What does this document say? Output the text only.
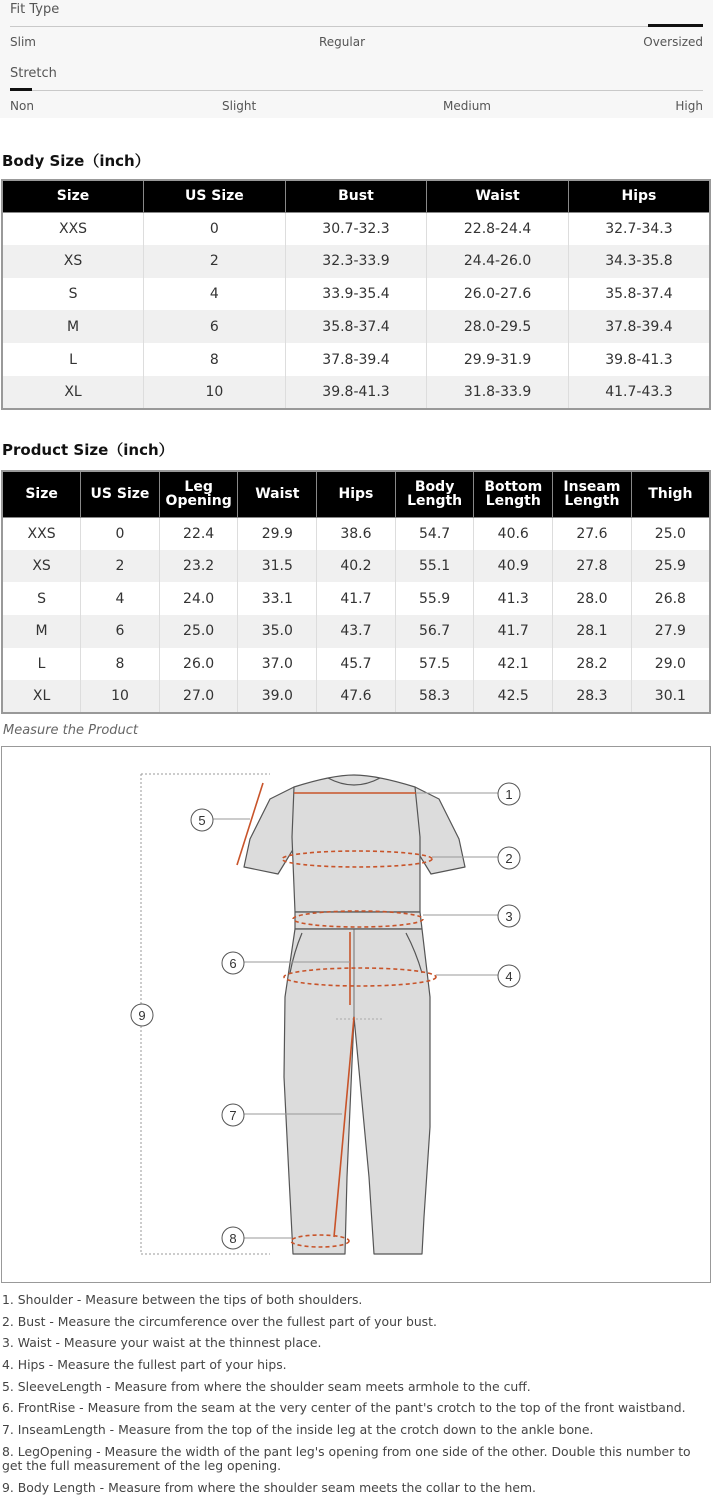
Fit Type
Slim	Regular	Oversized
Stretch
Non	Slight	Medium	High
Body Size（inch）
Size	US Size	Bust	Waist	Hips
XXS	0	30.7-32.3	22.8-24.4	32.7-34.3
XS	2	32.3-33.9	24.4-26.0	34.3-35.8
S	4	33.9-35.4	26.0-27.6	35.8-37.4
M	6	35.8-37.4	28.0-29.5	37.8-39.4
L	8	37.8-39.4	29.9-31.9	39.8-41.3
XL	10	39.8-41.3	31.8-33.9	41.7-43.3
Product Size（inch）
Size	US Size	Leg Opening	Waist	Hips	Body Length	Bottom Length	Inseam Length	Thigh
XXS	0	22.4	29.9	38.6	54.7	40.6	27.6	25.0
XS	2	23.2	31.5	40.2	55.1	40.9	27.8	25.9
S	4	24.0	33.1	41.7	55.9	41.3	28.0	26.8
M	6	25.0	35.0	43.7	56.7	41.7	28.1	27.9
L	8	26.0	37.0	45.7	57.5	42.1	28.2	29.0
XL	10	27.0	39.0	47.6	58.3	42.5	28.3	30.1
Measure the Product
1
2
3
4
5
6
7
8
9
1. Shoulder - Measure between the tips of both shoulders.
2. Bust - Measure the circumference over the fullest part of your bust.
3. Waist - Measure your waist at the thinnest place.
4. Hips - Measure the fullest part of your hips.
5. SleeveLength - Measure from where the shoulder seam meets armhole to the cuff.
6. FrontRise - Measure from the seam at the very center of the pant's crotch to the top of the front waistband.
7. InseamLength - Measure from the top of the inside leg at the crotch down to the ankle bone.
8. LegOpening - Measure the width of the pant leg's opening from one side of the other. Double this number to get the full measurement of the leg opening.
9. Body Length - Measure from where the shoulder seam meets the collar to the hem.
